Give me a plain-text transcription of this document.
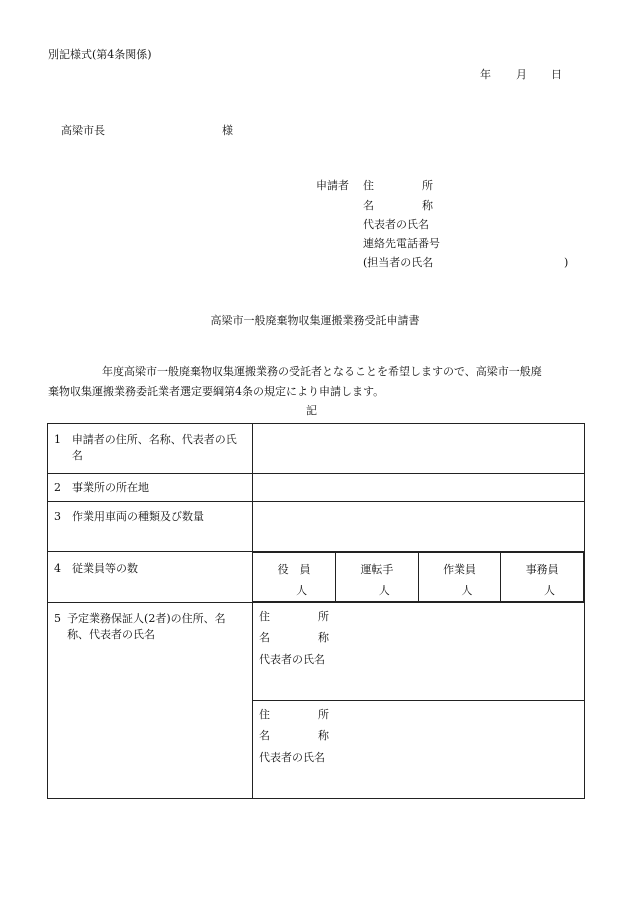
別記様式(第4条関係)
年 月 日
高梁市長	様
申請者 住　　　所
名　　　称
代表者の氏名
連絡先電話番号
(担当者の氏名	)
高梁市一般廃棄物収集運搬業務受託申請書
年度高梁市一般廃棄物収集運搬業務の受託者となることを希望しますので、高梁市一般廃
棄物収集運搬業務委託業者選定要綱第4条の規定により申請します。
記
1 申請者の住所、名称、代表者の氏名

2 事業所の所在地

3 作業用車両の種類及び数量

4 従業員等の数
		役　員
人

運転手
人

作業員
人

事務員
人

5 予定業務保証人(2者)の住所、名称、代表者の氏名

住　　　所
名　　　称
代表者の氏名

住　　　所
名　　　称
代表者の氏名
